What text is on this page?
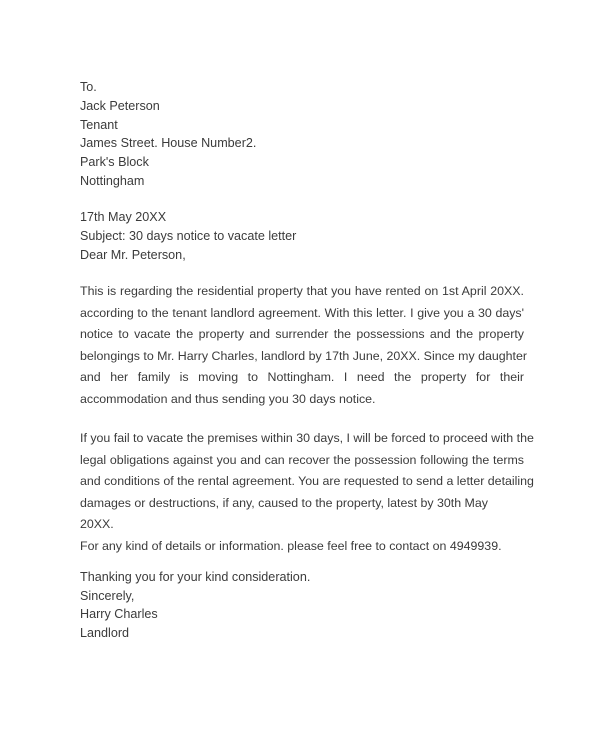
To.
Jack Peterson
Tenant
James Street. House Number2.
Park's Block
Nottingham
17th May 20XX
Subject: 30 days notice to vacate letter
Dear Mr. Peterson,
This is regarding the residential property that you have rented on 1st April 20XX.
according to the tenant landlord agreement. With this letter. I give you a 30 days'
notice to vacate the property and surrender the possessions and the property
belongings to Mr. Harry Charles, landlord by 17th June, 20XX. Since my daughter
and her family is moving to Nottingham. I need the property for their
accommodation and thus sending you 30 days notice.
If you fail to vacate the premises within 30 days, I will be forced to proceed with the
legal obligations against you and can recover the possession following the terms
and conditions of the rental agreement. You are requested to send a letter detailing
damages or destructions, if any, caused to the property, latest by 30th May 20XX.
For any kind of details or information. please feel free to contact on 4949939.
Thanking you for your kind consideration.
Sincerely,
Harry Charles
Landlord
